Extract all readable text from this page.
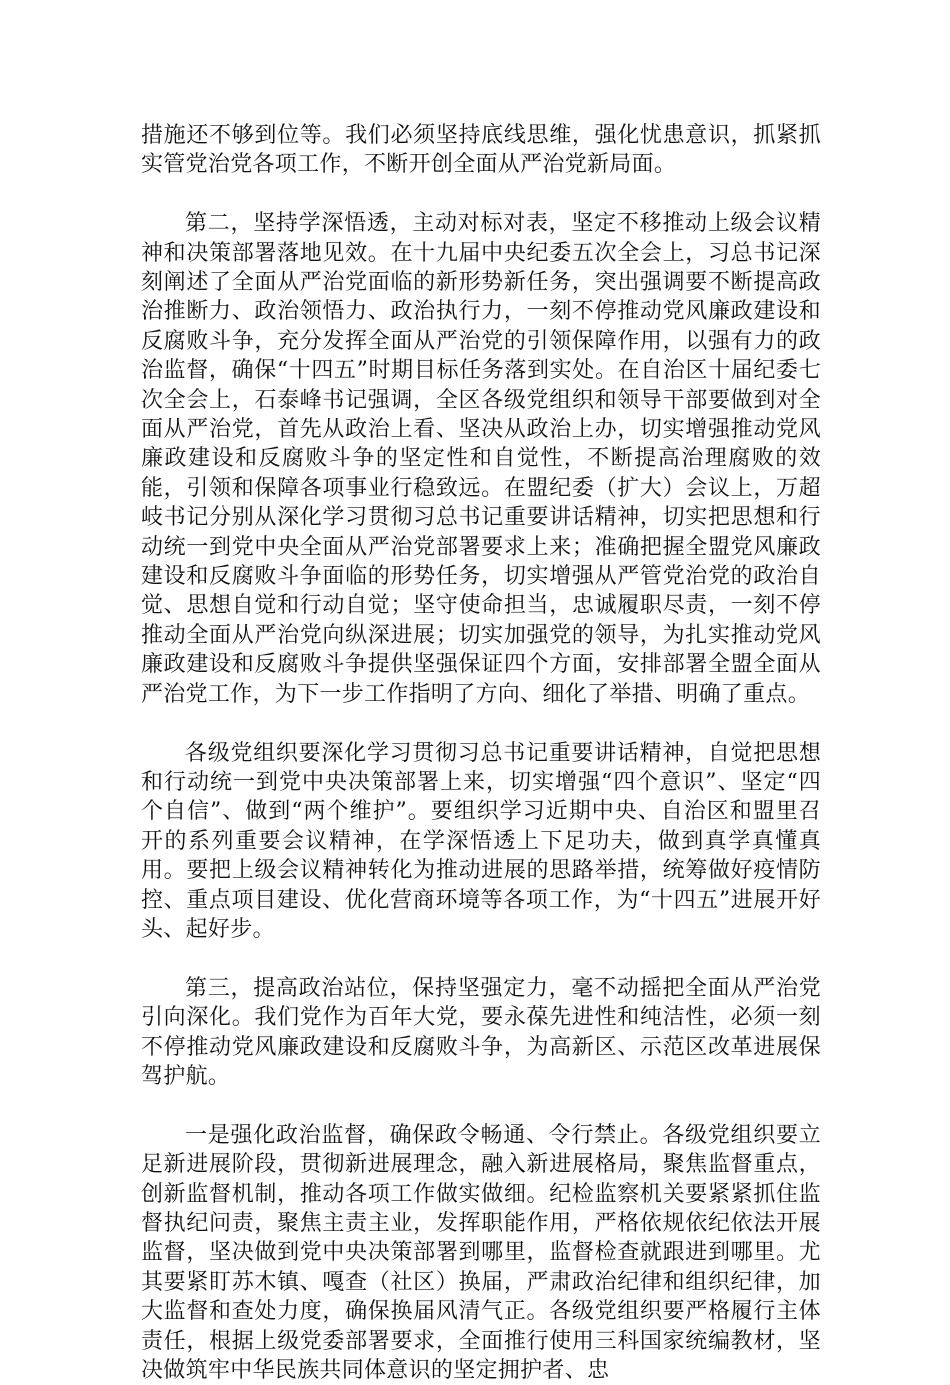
措施还不够到位等。我们必须坚持底线思维，强化忧患意识，抓紧抓实管党治党各项工作，不断开创全面从严治党新局面。

第二，坚持学深悟透，主动对标对表，坚定不移推动上级会议精神和决策部署落地见效。在十九届中央纪委五次全会上，习总书记深刻阐述了全面从严治党面临的新形势新任务，突出强调要不断提高政治推断力、政治领悟力、政治执行力，一刻不停推动党风廉政建设和反腐败斗争，充分发挥全面从严治党的引领保障作用，以强有力的政治监督，确保“十四五”时期目标任务落到实处。在自治区十届纪委七次全会上，石泰峰书记强调，全区各级党组织和领导干部要做到对全面从严治党，首先从政治上看、坚决从政治上办，切实增强推动党风廉政建设和反腐败斗争的坚定性和自觉性，不断提高治理腐败的效能，引领和保障各项事业行稳致远。在盟纪委（扩大）会议上，万超岐书记分别从深化学习贯彻习总书记重要讲话精神，切实把思想和行动统一到党中央全面从严治党部署要求上来；准确把握全盟党风廉政建设和反腐败斗争面临的形势任务，切实增强从严管党治党的政治自觉、思想自觉和行动自觉；坚守使命担当，忠诚履职尽责，一刻不停推动全面从严治党向纵深进展；切实加强党的领导，为扎实推动党风廉政建设和反腐败斗争提供坚强保证四个方面，安排部署全盟全面从严治党工作，为下一步工作指明了方向、细化了举措、明确了重点。

各级党组织要深化学习贯彻习总书记重要讲话精神，自觉把思想和行动统一到党中央决策部署上来，切实增强“四个意识”、坚定“四个自信”、做到“两个维护”。要组织学习近期中央、自治区和盟里召开的系列重要会议精神，在学深悟透上下足功夫，做到真学真懂真用。要把上级会议精神转化为推动进展的思路举措，统筹做好疫情防控、重点项目建设、优化营商环境等各项工作，为“十四五”进展开好头、起好步。

第三，提高政治站位，保持坚强定力，毫不动摇把全面从严治党引向深化。我们党作为百年大党，要永葆先进性和纯洁性，必须一刻不停推动党风廉政建设和反腐败斗争，为高新区、示范区改革进展保驾护航。

一是强化政治监督，确保政令畅通、令行禁止。各级党组织要立足新进展阶段，贯彻新进展理念，融入新进展格局，聚焦监督重点，创新监督机制，推动各项工作做实做细。纪检监察机关要紧紧抓住监督执纪问责，聚焦主责主业，发挥职能作用，严格依规依纪依法开展监督，坚决做到党中央决策部署到哪里，监督检查就跟进到哪里。尤其要紧盯苏木镇、嘎查（社区）换届，严肃政治纪律和组织纪律，加大监督和查处力度，确保换届风清气正。各级党组织要严格履行主体责任，根据上级党委部署要求，全面推行使用三科国家统编教材，坚决做筑牢中华民族共同体意识的坚定拥护者、忠
